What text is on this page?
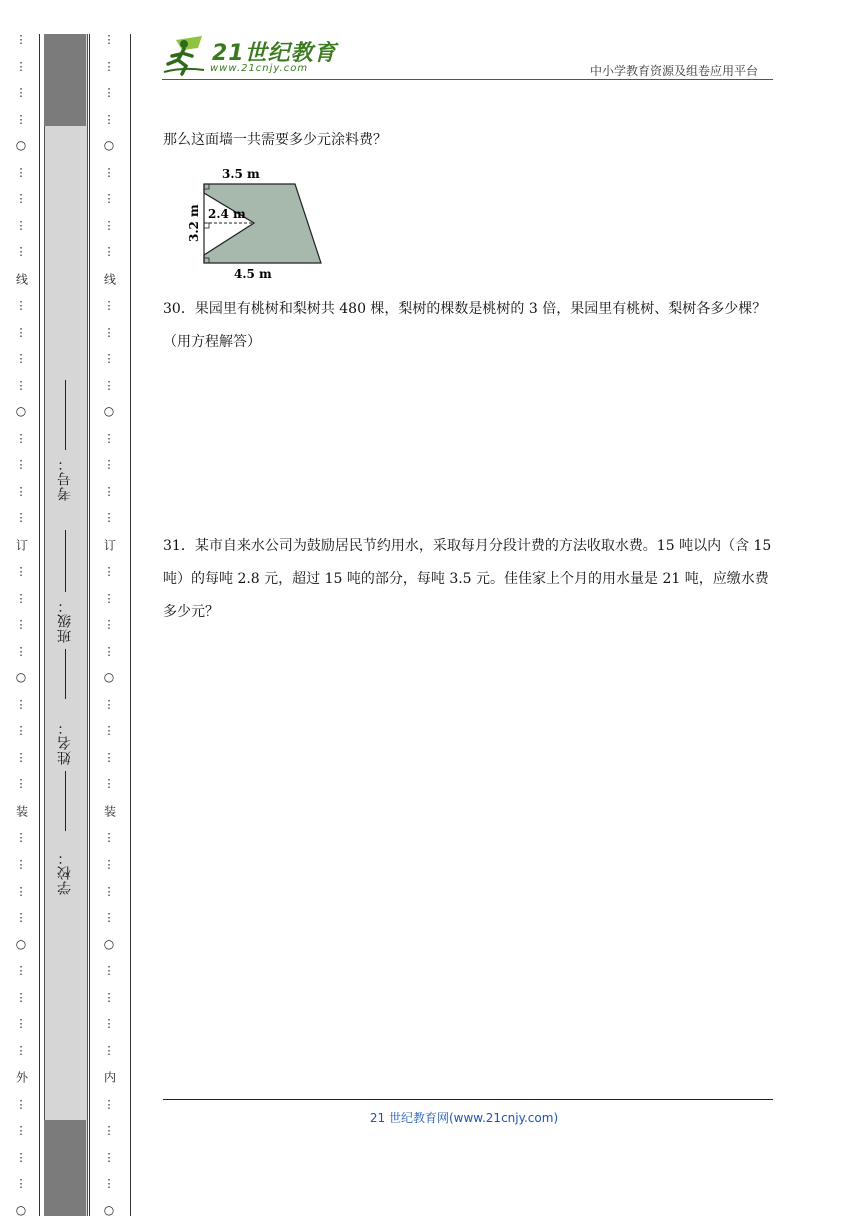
⋮
⋮
⋮
⋮
○
⋮
⋮
⋮
⋮
线
⋮
⋮
⋮
⋮
○
⋮
⋮
⋮
⋮
订
⋮
⋮
⋮
⋮
○
⋮
⋮
⋮
⋮
装
⋮
⋮
⋮
⋮
○
⋮
⋮
⋮
⋮
外
⋮
⋮
⋮
⋮
○
考号：
班级：
姓名：
学校：
⋮
⋮
⋮
⋮
○
⋮
⋮
⋮
⋮
线
⋮
⋮
⋮
⋮
○
⋮
⋮
⋮
⋮
订
⋮
⋮
⋮
⋮
○
⋮
⋮
⋮
⋮
装
⋮
⋮
⋮
⋮
○
⋮
⋮
⋮
⋮
内
⋮
⋮
⋮
⋮
○
21世纪教育
www.21cnjy.com	中小学教育资源及组卷应用平台
那么这面墙一共需要多少元涂料费？
3.5 m
2.4 m
4.5 m
3.2 m
30．果园里有桃树和梨树共 480 棵，梨树的棵数是桃树的 3 倍，果园里有桃树、梨树各多少棵？（用方程解答）
31．某市自来水公司为鼓励居民节约用水，采取每月分段计费的方法收取水费。15 吨以内（含 15 吨）的每吨 2.8 元，超过 15 吨的部分，每吨 3.5 元。佳佳家上个月的用水量是 21 吨，应缴水费多少元？
21 世纪教育网(www.21cnjy.com)
